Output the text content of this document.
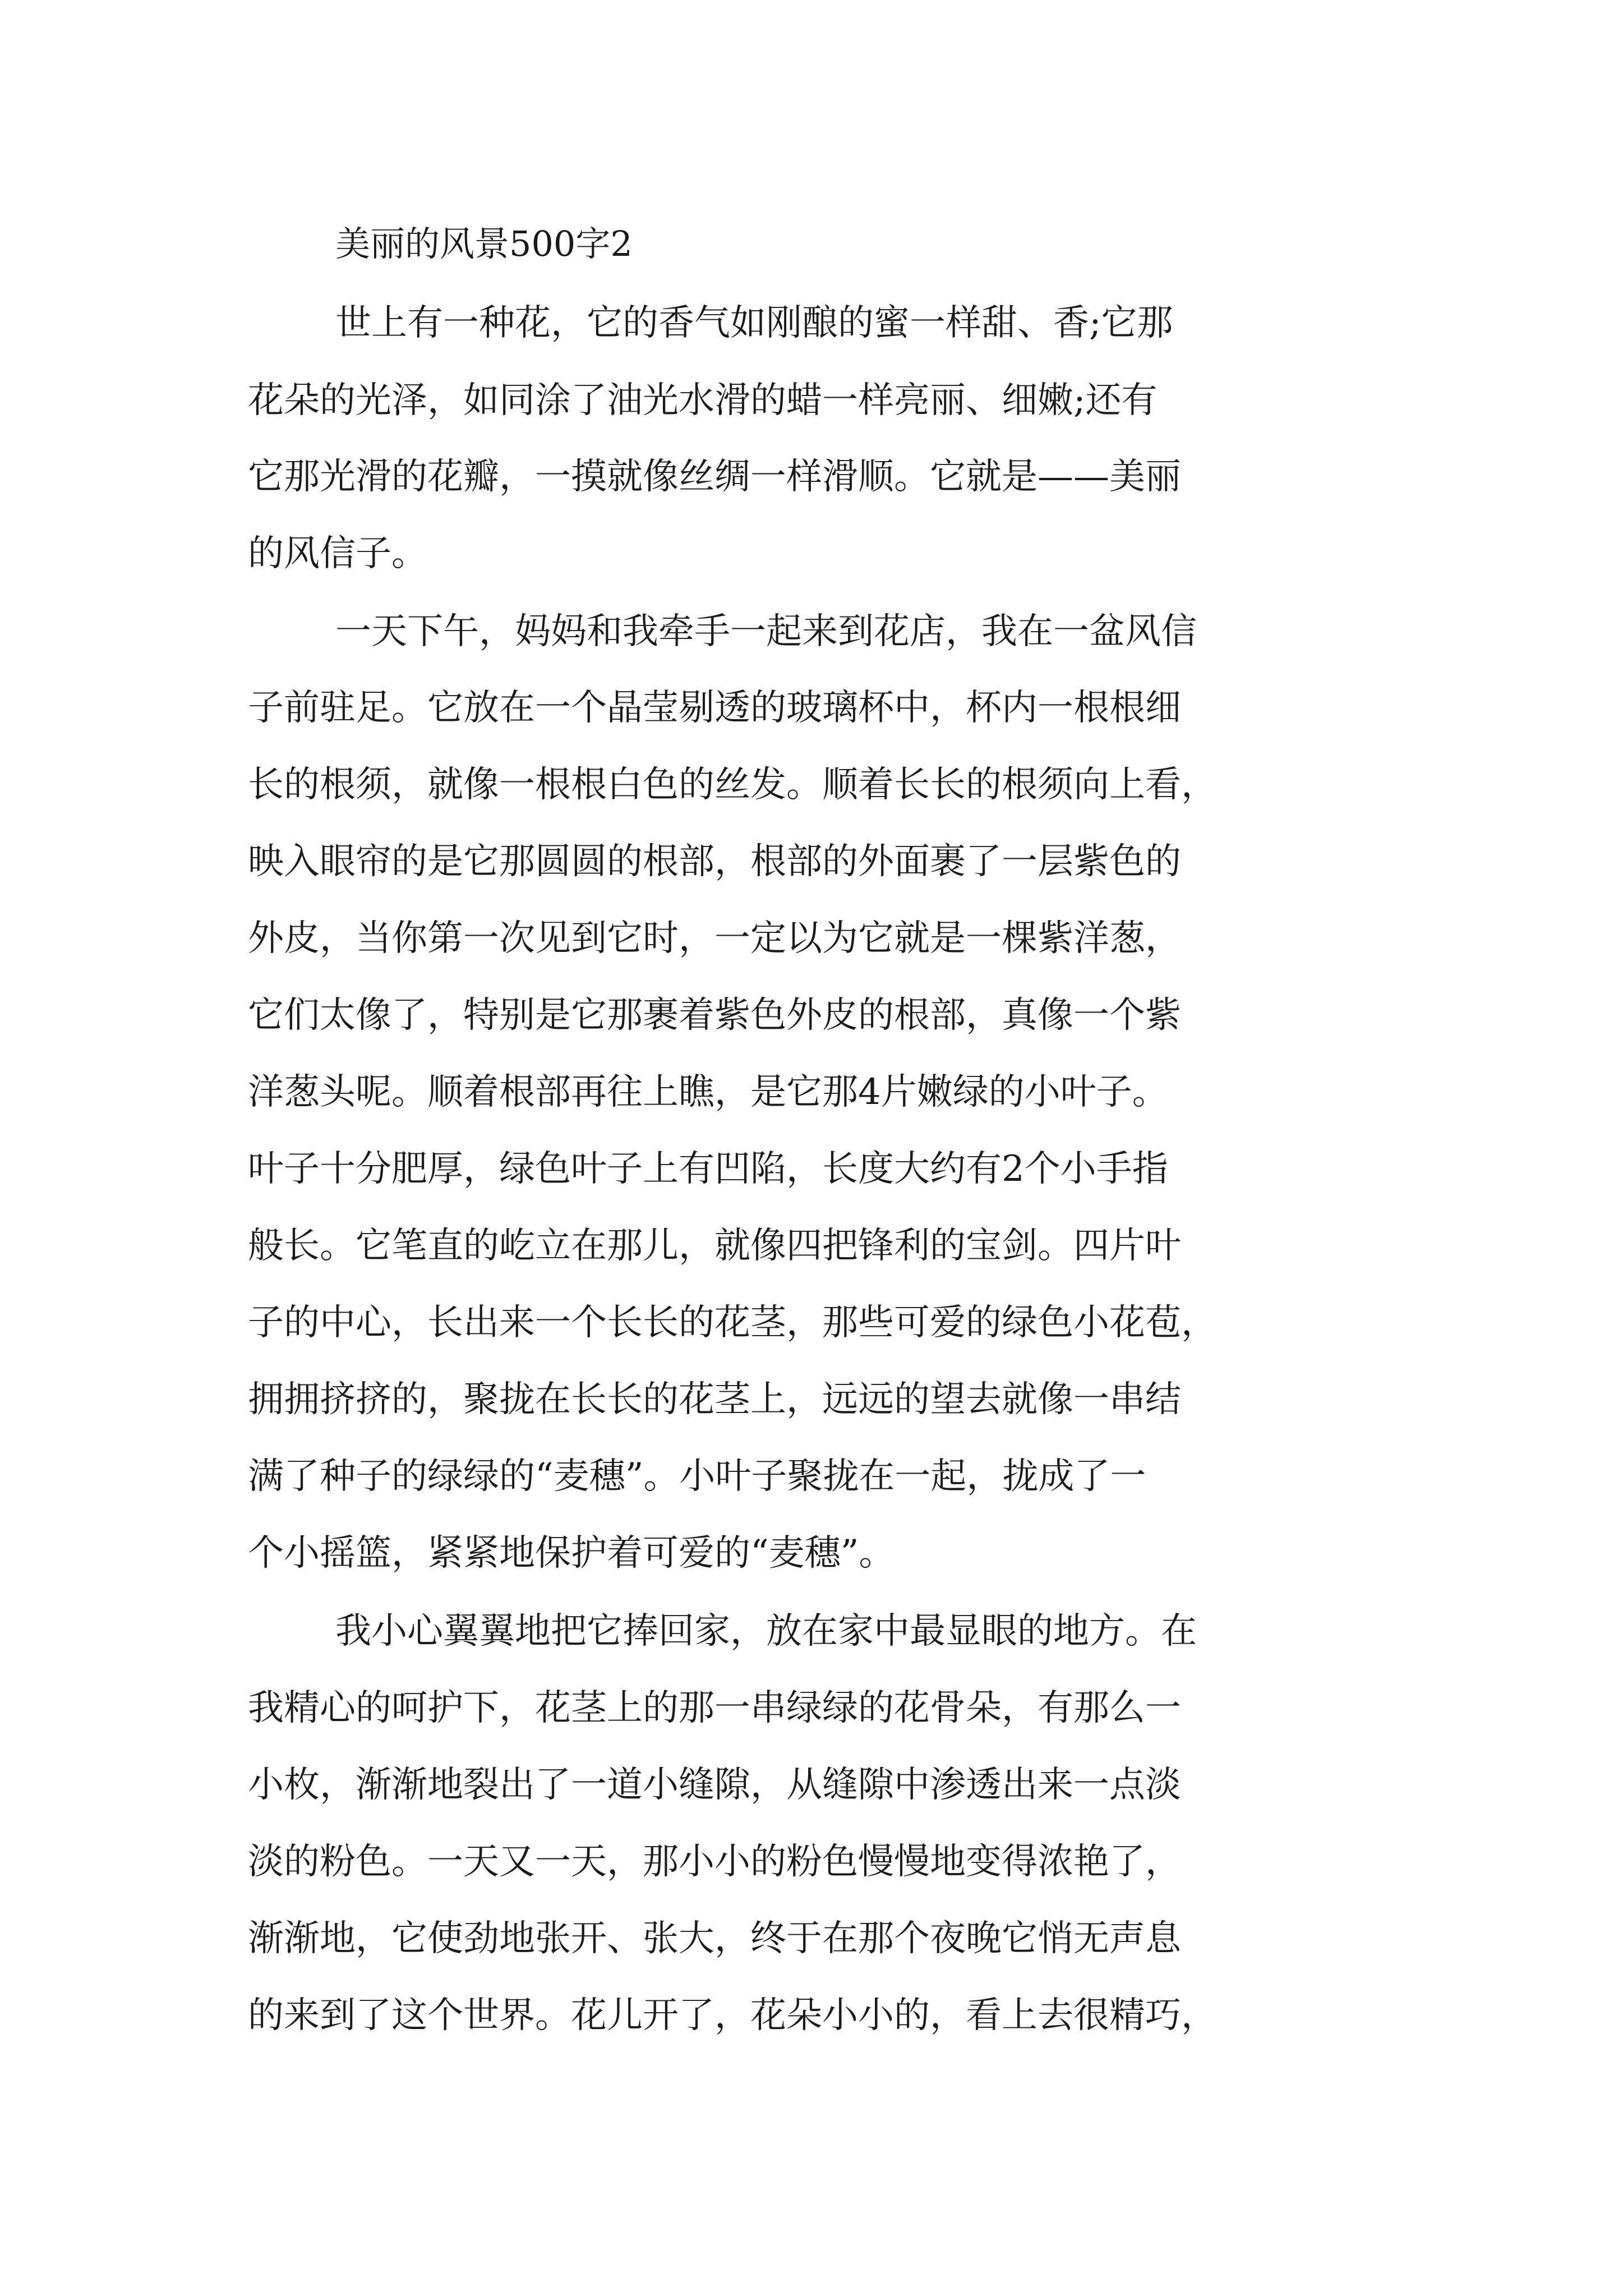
美丽的风景500字2

世上有一种花，它的香气如刚酿的蜜一样甜、香;它那

花朵的光泽，如同涂了油光水滑的蜡一样亮丽、细嫩;还有

它那光滑的花瓣，一摸就像丝绸一样滑顺。它就是——美丽

的风信子。

一天下午，妈妈和我牵手一起来到花店，我在一盆风信

子前驻足。它放在一个晶莹剔透的玻璃杯中，杯内一根根细

长的根须，就像一根根白色的丝发。顺着长长的根须向上看，

映入眼帘的是它那圆圆的根部，根部的外面裹了一层紫色的

外皮，当你第一次见到它时，一定以为它就是一棵紫洋葱，

它们太像了，特别是它那裹着紫色外皮的根部，真像一个紫

洋葱头呢。顺着根部再往上瞧，是它那4片嫩绿的小叶子。

叶子十分肥厚，绿色叶子上有凹陷，长度大约有2个小手指

般长。它笔直的屹立在那儿，就像四把锋利的宝剑。四片叶

子的中心，长出来一个长长的花茎，那些可爱的绿色小花苞，

拥拥挤挤的，聚拢在长长的花茎上，远远的望去就像一串结

满了种子的绿绿的“麦穗”。小叶子聚拢在一起，拢成了一

个小摇篮，紧紧地保护着可爱的“麦穗”。

我小心翼翼地把它捧回家，放在家中最显眼的地方。在

我精心的呵护下，花茎上的那一串绿绿的花骨朵，有那么一

小枚，渐渐地裂出了一道小缝隙，从缝隙中渗透出来一点淡

淡的粉色。一天又一天，那小小的粉色慢慢地变得浓艳了，

渐渐地，它使劲地张开、张大，终于在那个夜晚它悄无声息

的来到了这个世界。花儿开了，花朵小小的，看上去很精巧，
